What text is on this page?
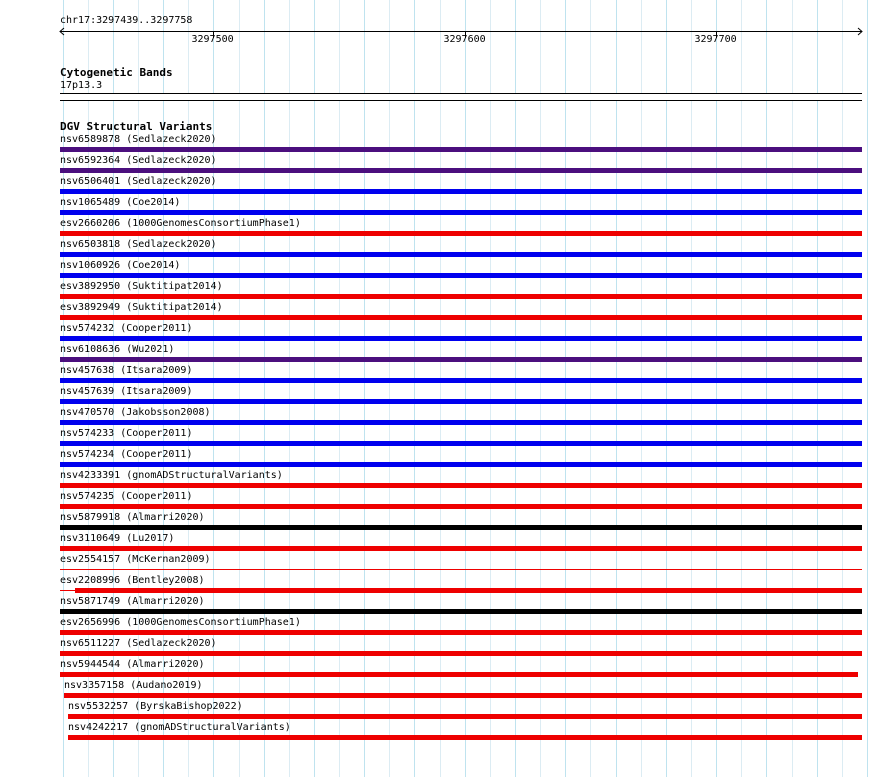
chr17:3297439..3297758
3297500	3297600	3297700
Cytogenetic Bands
17p13.3
DGV Structural Variants
nsv6589878 (Sedlazeck2020)
nsv6592364 (Sedlazeck2020)
nsv6506401 (Sedlazeck2020)
nsv1065489 (Coe2014)
esv2660206 (1000GenomesConsortiumPhase1)
nsv6503818 (Sedlazeck2020)
nsv1060926 (Coe2014)
esv3892950 (Suktitipat2014)
esv3892949 (Suktitipat2014)
nsv574232 (Cooper2011)
nsv6108636 (Wu2021)
nsv457638 (Itsara2009)
nsv457639 (Itsara2009)
nsv470570 (Jakobsson2008)
nsv574233 (Cooper2011)
nsv574234 (Cooper2011)
nsv4233391 (gnomADStructuralVariants)
nsv574235 (Cooper2011)
nsv5879918 (Almarri2020)
nsv3110649 (Lu2017)
esv2554157 (McKernan2009)
esv2208996 (Bentley2008)
nsv5871749 (Almarri2020)
esv2656996 (1000GenomesConsortiumPhase1)
nsv6511227 (Sedlazeck2020)
nsv5944544 (Almarri2020)
nsv3357158 (Audano2019)
nsv5532257 (ByrskaBishop2022)
nsv4242217 (gnomADStructuralVariants)
